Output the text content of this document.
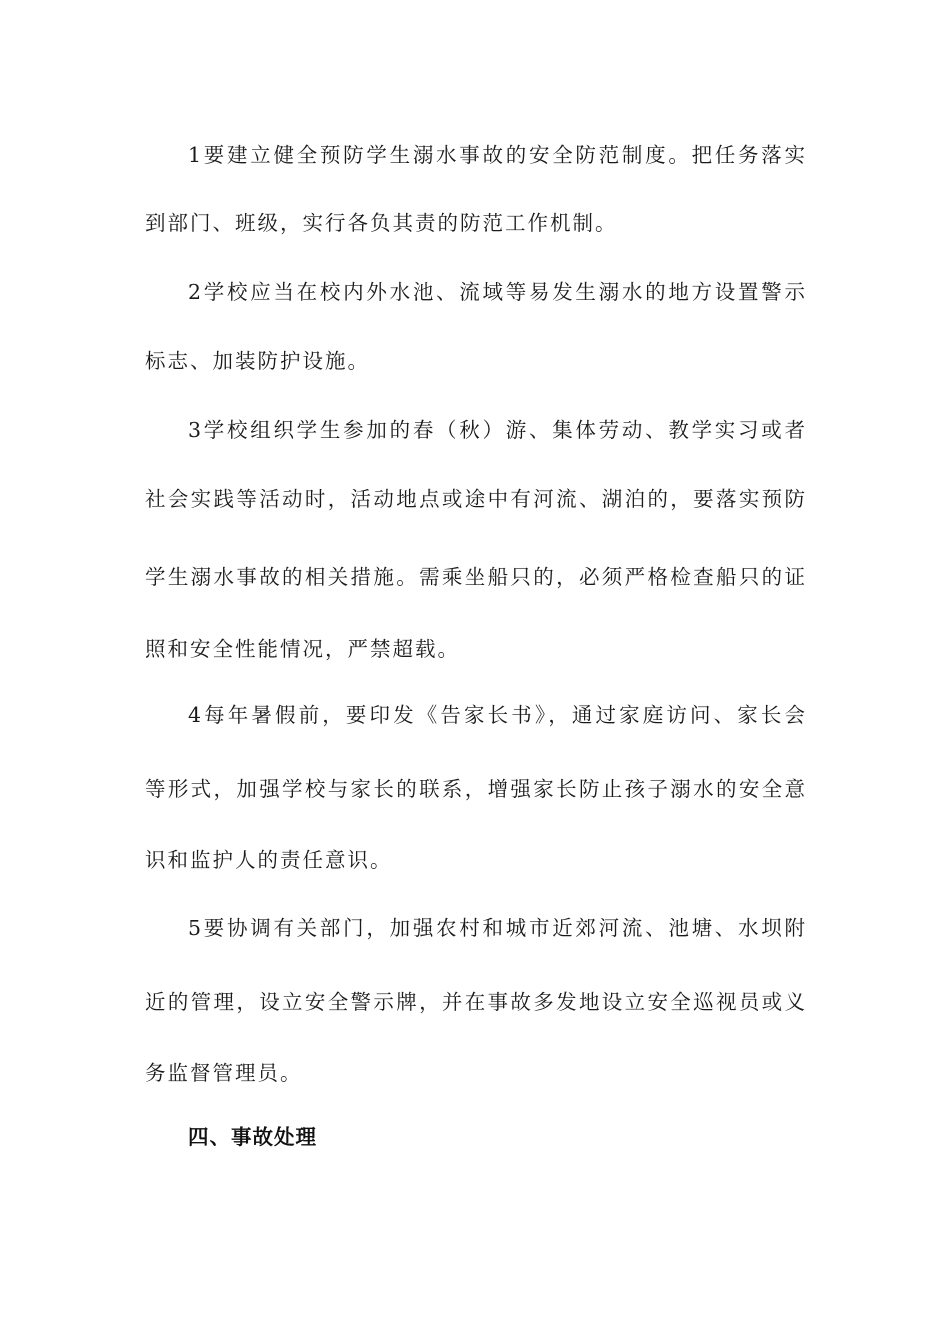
1要建立健全预防学生溺水事故的安全防范制度。把任务落实
到部门、班级，实行各负其责的防范工作机制。
2学校应当在校内外水池、流域等易发生溺水的地方设置警示
标志、加装防护设施。
3学校组织学生参加的春（秋）游、集体劳动、教学实习或者
社会实践等活动时，活动地点或途中有河流、湖泊的，要落实预防
学生溺水事故的相关措施。需乘坐船只的，必须严格检查船只的证
照和安全性能情况，严禁超载。
4每年暑假前，要印发《告家长书》，通过家庭访问、家长会
等形式，加强学校与家长的联系，增强家长防止孩子溺水的安全意
识和监护人的责任意识。
5要协调有关部门，加强农村和城市近郊河流、池塘、水坝附
近的管理，设立安全警示牌，并在事故多发地设立安全巡视员或义
务监督管理员。
四、事故处理
